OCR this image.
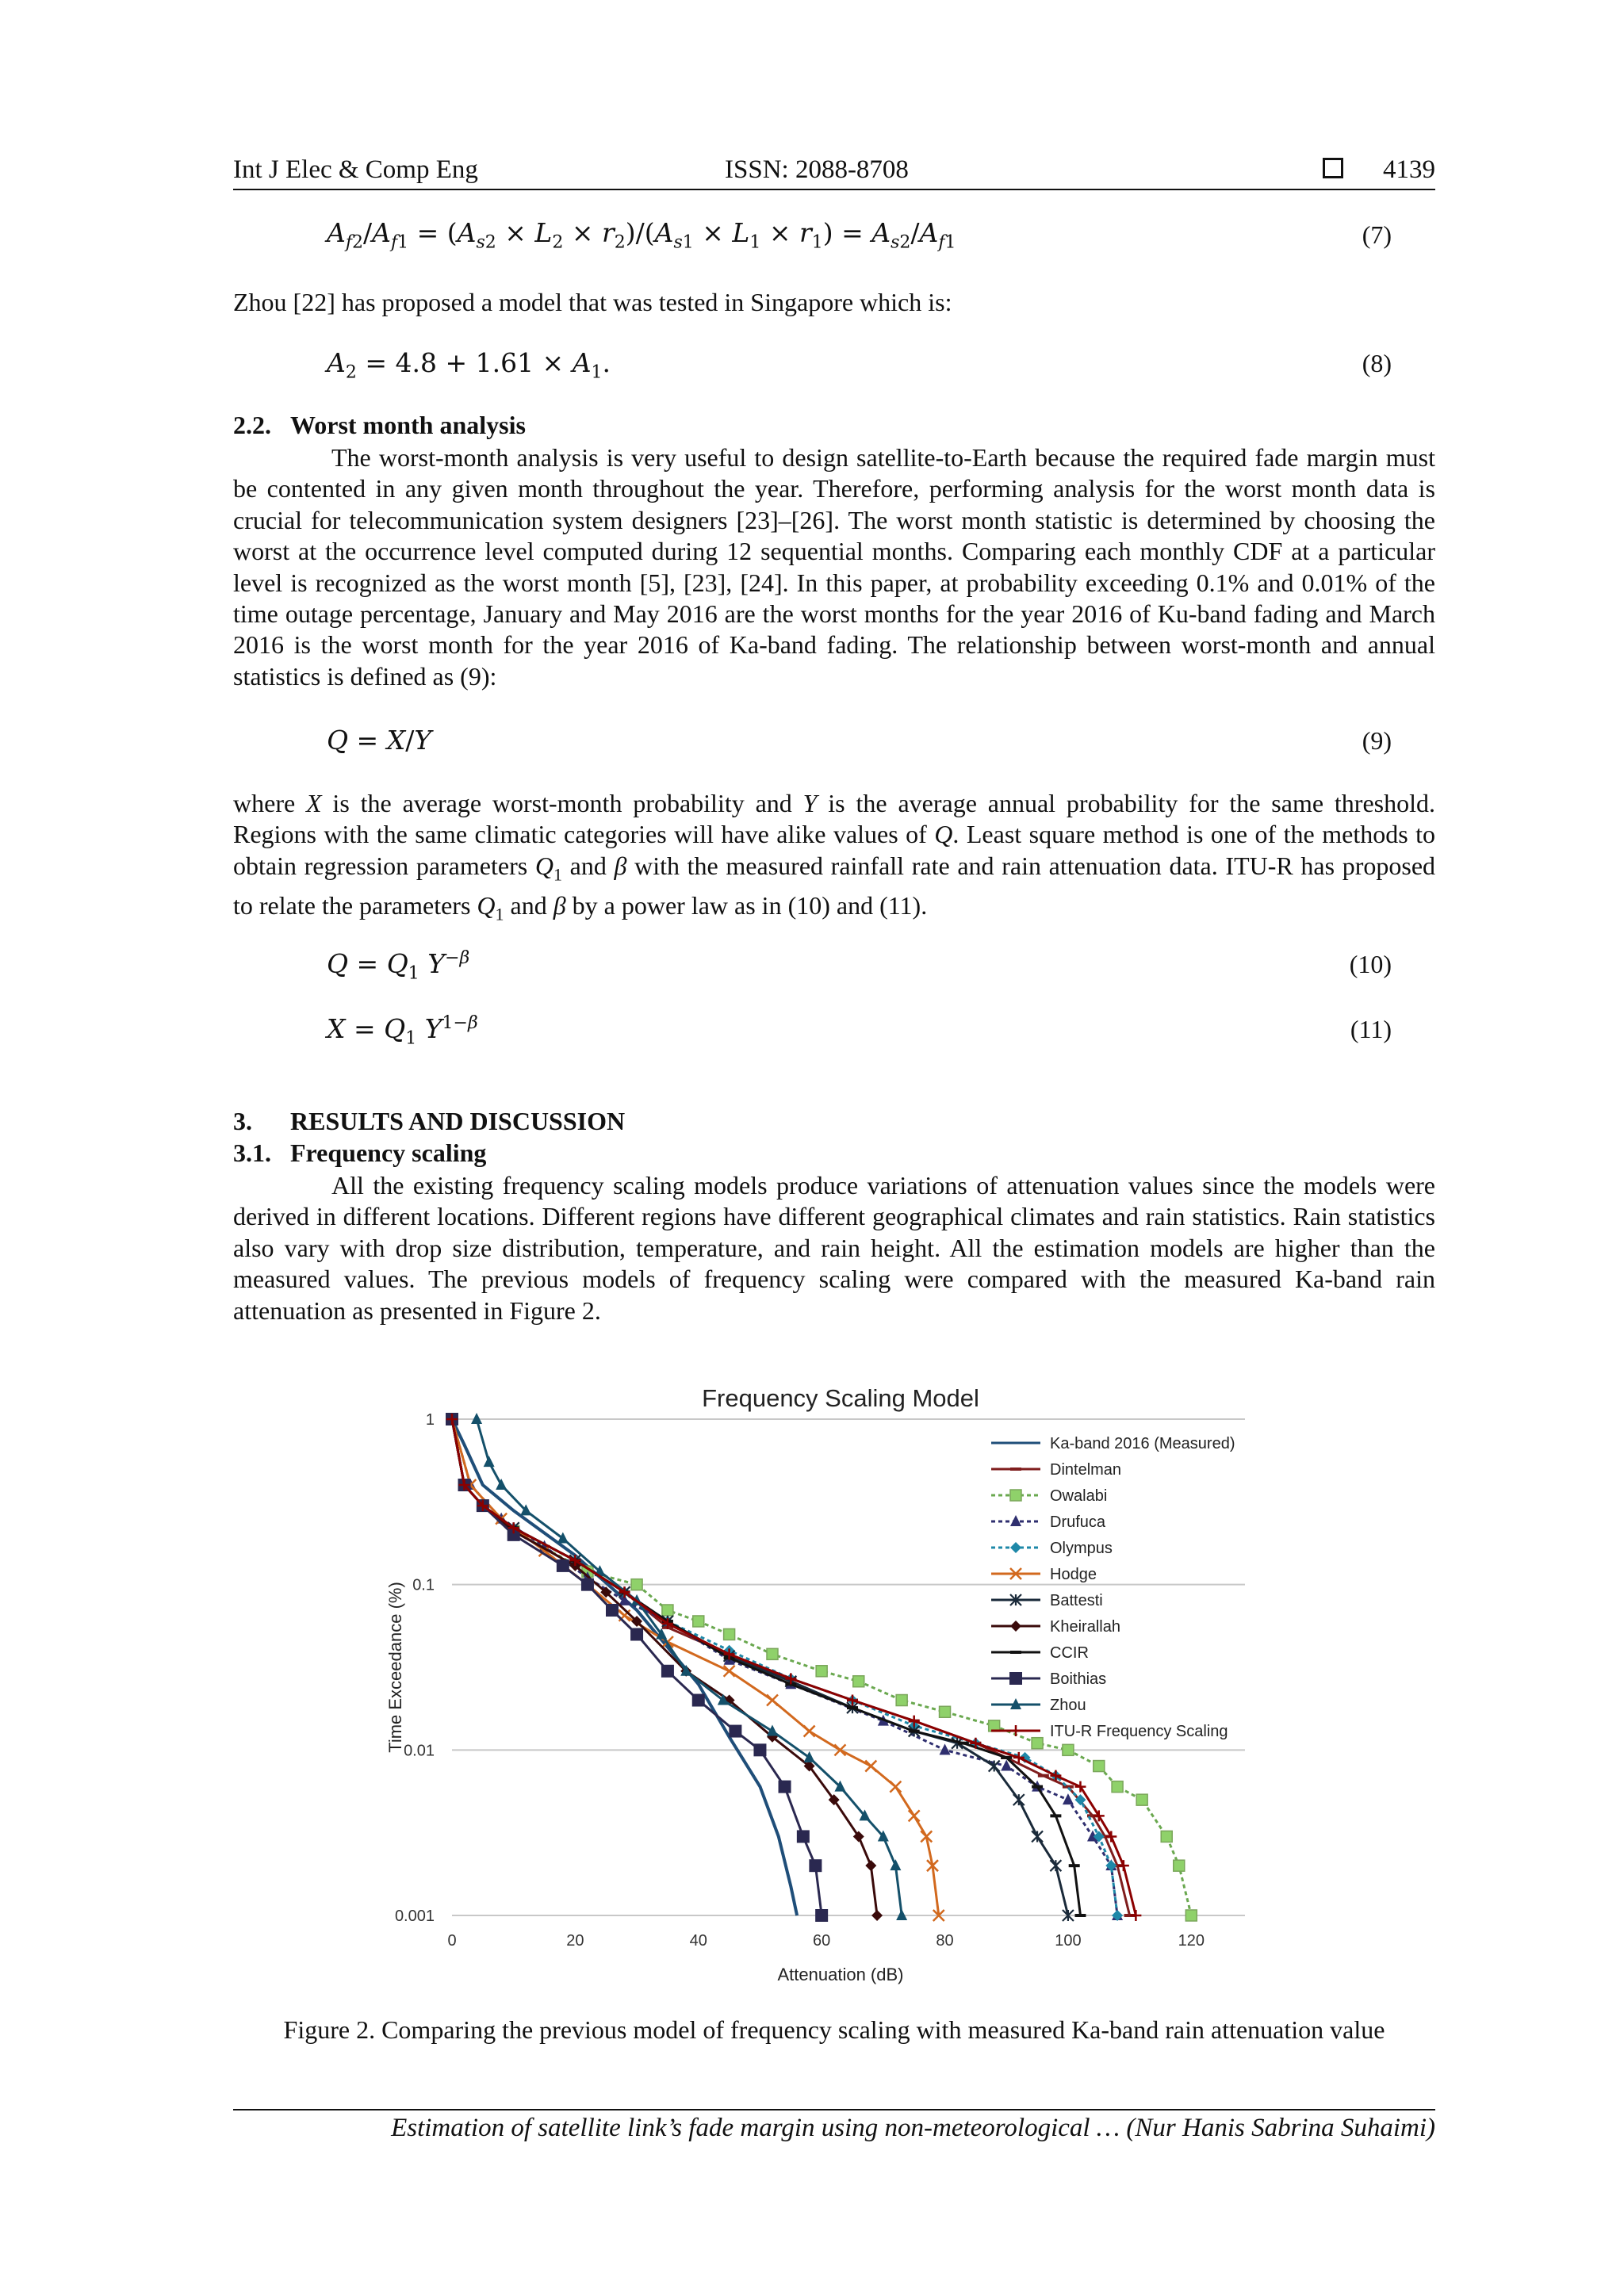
Int J Elec & Comp Eng	ISSN: 2088-8708	4139
$A_{f2}/A_{f1} = (A_{s2} \times L_2 \times r_2)/(A_{s1} \times L_1 \times r_1) = A_{s2}/A_{f1}$	(7)
Zhou [22] has proposed a model that was tested in Singapore which is:
$A_2 = 4.8 + 1.61 \times A_1$.	(8)
2.2. Worst month analysis
The worst-month analysis is very useful to design satellite-to-Earth because the required fade margin must be contented in any given month throughout the year. Therefore, performing analysis for the worst month data is crucial for telecommunication system designers [23]–[26]. The worst month statistic is determined by choosing the worst at the occurrence level computed during 12 sequential months. Comparing each monthly CDF at a particular level is recognized as the worst month [5], [23], [24]. In this paper, at probability exceeding 0.1% and 0.01% of the time outage percentage, January and May 2016 are the worst months for the year 2016 of Ku-band fading and March 2016 is the worst month for the year 2016 of Ka-band fading. The relationship between worst-month and annual statistics is defined as (9):
Q = X/Y	(9)
where X is the average worst-month probability and Y is the average annual probability for the same threshold. Regions with the same climatic categories will have alike values of Q. Least square method is one of the methods to obtain regression parameters $Q_1$ and β with the measured rainfall rate and rain attenuation data. ITU-R has proposed to relate the parameters $Q_1$ and β by a power law as in (10) and (11).
$Q = Q_1$ $Y^{-\beta}$	(10)
$X = Q_1$ $Y^{1-\beta}$	(11)
3. RESULTS AND DISCUSSION
3.1. Frequency scaling
All the existing frequency scaling models produce variations of attenuation values since the models were derived in different locations. Different regions have different geographical climates and rain statistics. Rain statistics also vary with drop size distribution, temperature, and rain height. All the estimation models are higher than the measured values. The previous models of frequency scaling were compared with the measured Ka-band rain attenuation as presented in Figure 2.
Frequency Scaling Model
1
0.1
0.01
0.001
0	20	40	60	80	100	120
Attenuation (dB)
Time Exceedance (%)
Ka-band 2016 (Measured)
Dintelman
Owalabi
Drufuca
Olympus
Hodge
Battesti
Kheirallah
CCIR
Boithias
Zhou
ITU-R Frequency Scaling
Figure 2. Comparing the previous model of frequency scaling with measured Ka-band rain attenuation value
Estimation of satellite link’s fade margin using non-meteorological … (Nur Hanis Sabrina Suhaimi)
